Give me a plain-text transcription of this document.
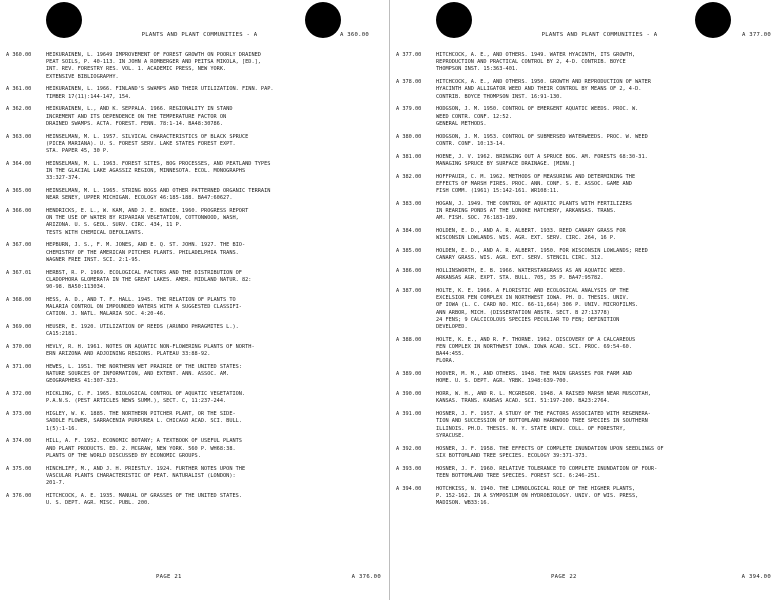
PLANTS AND PLANT COMMUNITIES - A	A 360.00
A 360.00	HEIKURAINEN, L. 19649 IMPROVEMENT OF FOREST GROWTH ON POORLY DRAINED
PEAT SOILS, P. 40-113. IN JOHN A ROMBERGER AND PEITSA MIKOLA, [ED.],
INT. REV. FORESTRY RES. VOL. 1. ACADEMIC PRESS, NEW YORK.
EXTENSIVE BIBLIOGRAPHY.
A 361.00	HEIKURAINEN, L. 1966. FINLAND'S SWAMPS AND THEIR UTILIZATION. FINN. PAP.
TIMBER 17(11):144-147, 154.
A 362.00	HEIKURAINEN, L., AND K. SEPPALA. 1966. REGIONALITY IN STAND
INCREMENT AND ITS DEPENDENCE ON THE TEMPERATURE FACTOR ON
DRAINED SWAMPS. ACTA. FOREST. FENN. 78:1-14. BA48:30786.
A 363.00	HEINSELMAN, M. L. 1957. SILVICAL CHARACTERISTICS OF BLACK SPRUCE
(PICEA MARIANA). U. S. FOREST SERV. LAKE STATES FOREST EXPT.
STA. PAPER 45, 30 P.
A 364.00	HEINSELMAN, M. L. 1963. FOREST SITES, BOG PROCESSES, AND PEATLAND TYPES
IN THE GLACIAL LAKE AGASSIZ REGION, MINNESOTA. ECOL. MONOGRAPHS
33:327-374.
A 365.00	HEINSELMAN, M. L. 1965. STRING BOGS AND OTHER PATTERNED ORGANIC TERRAIN
NEAR SENEY, UPPER MICHIGAN. ECOLOGY 46:185-188. BA47:60627.
A 366.00	HENDRICKS, E. L., W. KAM, AND J. E. BOWIE. 1960. PROGRESS REPORT
ON THE USE OF WATER BY RIPARIAN VEGETATION, COTTONWOOD, WASH,
ARIZONA. U. S. GEOL. SURV. CIRC. 434, 11 P.
TESTS WITH CHEMICAL DEFOLIANTS.
A 367.00	HEPBURN, J. S., F. M. JONES, AND E. Q. ST. JOHN. 1927. THE BIO-
CHEMISTRY OF THE AMERICAN PITCHER PLANTS. PHILADELPHIA TRANS.
WAGNER FREE INST. SCI. 2:1-95.
A 367.01	HERBST, R. P. 1969. ECOLOGICAL FACTORS AND THE DISTRIBUTION OF
CLADOPHORA GLOMERATA IN THE GREAT LAKES. AMER. MIDLAND NATUR. 82:
90-98. BA50:113034.
A 368.00	HESS, A. D., AND T. F. HALL. 1945. THE RELATION OF PLANTS TO
MALARIA CONTROL ON IMPOUNDED WATERS WITH A SUGGESTED CLASSIFI-
CATION. J. NATL. MALARIA SOC. 4:20-46.
A 369.00	HEUSER, E. 1920. UTILIZATION OF REEDS (ARUNDO PHRAGMITES L.).
CA15:2181.
A 370.00	HEVLY, R. H. 1961. NOTES ON AQUATIC NON-FLOWERING PLANTS OF NORTH-
ERN ARIZONA AND ADJOINING REGIONS. PLATEAU 33:88-92.
A 371.00	HEWES, L. 1951. THE NORTHERN WET PRAIRIE OF THE UNITED STATES:
NATURE SOURCES OF INFORMATION, AND EXTENT. ANN. ASSOC. AM.
GEOGRAPHERS 41:307-323.
A 372.00	HICKLING, C. F. 1965. BIOLOGICAL CONTROL OF AQUATIC VEGETATION.
P.A.N.S. (PEST ARTICLES NEWS SUMM.), SECT. C, 11:237-244.
A 373.00	HIGLEY, W. K. 1885. THE NORTHERN PITCHER PLANT, OR THE SIDE-
SADDLE FLOWER, SARRACENIA PURPUREA L. CHICAGO ACAD. SCI. BULL.
1(5):1-16.
A 374.00	HILL, A. F. 1952. ECONOMIC BOTANY; A TEXTBOOK OF USEFUL PLANTS
AND PLANT PRODUCTS. ED. 2. MCGRAW, NEW YORK. 560 P. WH68:38.
PLANTS OF THE WORLD DISCUSSED BY ECONOMIC GROUPS.
A 375.00	HINCHLIFF, M., AND J. H. PRIESTLY. 1924. FURTHER NOTES UPON THE
VASCULAR PLANTS CHARACTERISTIC OF PEAT. NATURALIST (LONDON):
201-7.
A 376.00	HITCHCOCK, A. E. 1935. MANUAL OF GRASSES OF THE UNITED STATES.
U. S. DEPT. AGR. MISC. PUBL. 200.
PAGE 21	A 376.00
PLANTS AND PLANT COMMUNITIES - A	A 377.00
A 377.00	HITCHCOCK, A. E., AND OTHERS. 1949. WATER HYACINTH, ITS GROWTH,
REPRODUCTION AND PRACTICAL CONTROL BY 2, 4-D. CONTRIB. BOYCE
THOMPSON INST. 15:363-401.
A 378.00	HITCHCOCK, A. E., AND OTHERS. 1950. GROWTH AND REPRODUCTION OF WATER
HYACINTH AND ALLIGATOR WEED AND THEIR CONTROL BY MEANS OF 2, 4-D.
CONTRIB. BOYCE THOMPSON INST. 16:91-130.
A 379.00	HODGSON, J. M. 1950. CONTROL OF EMERGENT AQUATIC WEEDS. PROC. W.
WEED CONTR. CONF. 12:52.
GENERAL METHODS.
A 380.00	HODGSON, J. M. 1953. CONTROL OF SUBMERSED WATERWEEDS. PROC. W. WEED
CONTR. CONF. 10:13-14.
A 381.00	HOENE, J. V. 1962. BRINGING OUT A SPRUCE BOG. AM. FORESTS 68:30-31.
MANAGING SPRUCE BY SURFACE DRAINAGE. [MINN.]
A 382.00	HOFFPAUIR, C. M. 1962. METHODS OF MEASURING AND DETERMINING THE
EFFECTS OF MARSH FIRES. PROC. ANN. CONF. S. E. ASSOC. GAME AND
FISH COMM. (1961) 15:142-161. WR108:11.
A 383.00	HOGAN, J. 1949. THE CONTROL OF AQUATIC PLANTS WITH FERTILIZERS
IN REARING PONDS AT THE LONOKE HATCHERY, ARKANSAS. TRANS.
AM. FISH. SOC. 76:183-189.
A 384.00	HOLDEN, E. D., AND A. R. ALBERT. 1933. REED CANARY GRASS FOR
WISCONSIN LOWLANDS. WIS. AGR. EXT. SERV. CIRC. 264, 16 P.
A 385.00	HOLDEN, E. D., AND A. R. ALBERT. 1950. FOR WISCONSIN LOWLANDS; REED
CANARY GRASS. WIS. AGR. EXT. SERV. STENCIL CIRC. 312.
A 386.00	HOLLINSWORTH, E. B. 1966. WATERSTARGRASS AS AN AQUATIC WEED.
ARKANSAS AGR. EXPT. STA. BULL. 705, 35 P. BA47:95782.
A 387.00	HOLTE, K. E. 1966. A FLORISTIC AND ECOLOGICAL ANALYSIS OF THE
EXCELSIOR FEN COMPLEX IN NORTHWEST IOWA. PH. D. THESIS. UNIV.
OF IOWA (L. C. CARD NO. MIC. 66-11,664) 306 P. UNIV. MICROFILMS.
ANN ARBOR, MICH. (DISSERTATION ABSTR. SECT. B 27:13778)
24 FENS; 9 CALCICOLOUS SPECIES PECULIAR TO FEN; DEFINITION
DEVELOPED.
A 388.00	HOLTE, K. E., AND R. F. THORNE. 1962. DISCOVERY OF A CALCAREOUS
FEN COMPLEX IN NORTHWEST IOWA. IOWA ACAD. SCI. PROC. 69:54-60.
BA44:455.
FLORA.
A 389.00	HOOVER, M. M., AND OTHERS. 1948. THE MAIN GRASSES FOR FARM AND
HOME. U. S. DEPT. AGR. YRBK. 1948:639-700.
A 390.00	HORR, W. H., AND R. L. MCGREGOR. 1948. A RAISED MARSH NEAR MUSCOTAH,
KANSAS. TRANS. KANSAS ACAD. SCI. 51:197-200. BA23:2764.
A 391.00	HOSNER, J. F. 1957. A STUDY OF THE FACTORS ASSOCIATED WITH REGENERA-
TION AND SUCCESSION OF BOTTOMLAND HARDWOOD TREE SPECIES IN SOUTHERN
ILLINOIS. PH.D. THESIS. N. Y. STATE UNIV. COLL. OF FORESTRY,
SYRACUSE.
A 392.00	HOSNER, J. F. 1958. THE EFFECTS OF COMPLETE INUNDATION UPON SEEDLINGS OF
SIX BOTTOMLAND TREE SPECIES. ECOLOGY 39:371-373.
A 393.00	HOSNER, J. F. 1960. RELATIVE TOLERANCE TO COMPLETE INUNDATION OF FOUR-
TEEN BOTTOMLAND TREE SPECIES. FOREST SCI. 6:246-251.
A 394.00	HOTCHKISS, N. 1940. THE LIMNOLOGICAL ROLE OF THE HIGHER PLANTS,
P. 152-162. IN A SYMPOSIUM ON HYDROBIOLOGY. UNIV. OF WIS. PRESS,
MADISON. WB33:16.
PAGE 22	A 394.00
